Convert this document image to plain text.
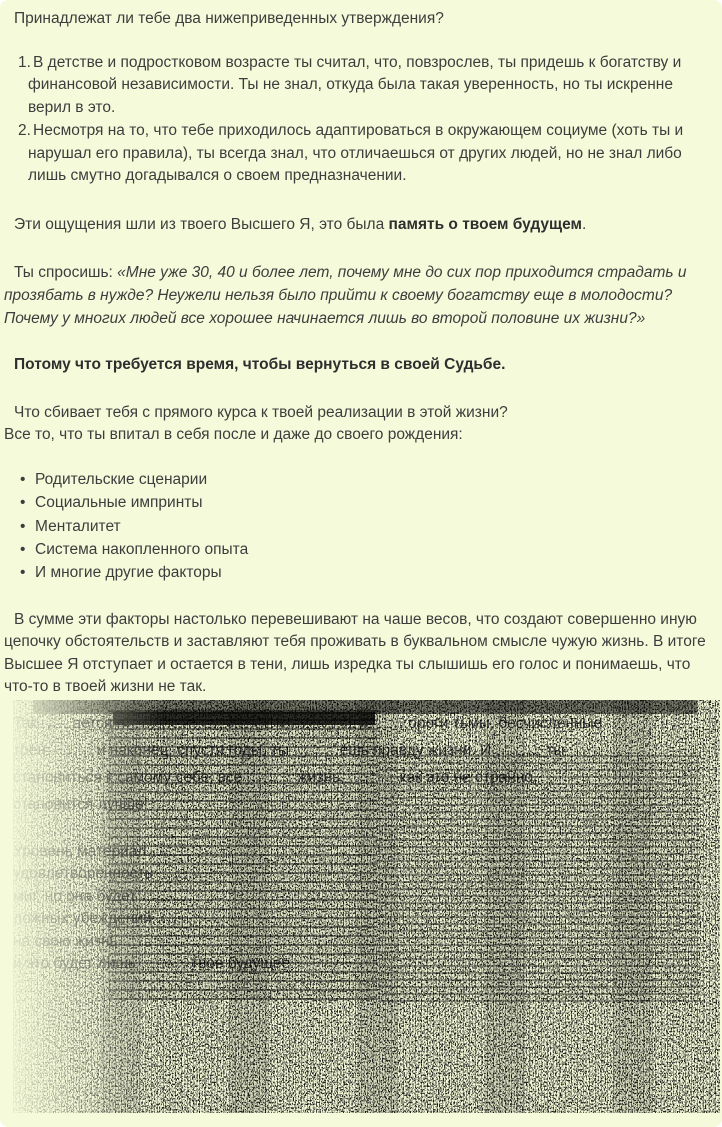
Принадлежат ли тебе два нижеприведенных утверждения?
1. В детстве и подростковом возрасте ты считал, что, повзрослев, ты придешь к богатству и финансовой независимости. Ты не знал, откуда была такая уверенность, но ты искренне верил в это.
2. Несмотря на то, что тебе приходилось адаптироваться в окружающем социуме (хоть ты и нарушал его правила), ты всегда знал, что отличаешься от других людей, но не знал либо лишь смутно догадывался о своем предназначении.
Эти ощущения шли из твоего Высшего Я, это была память о твоем будущем.
Ты спросишь: «Мне уже 30, 40 и более лет, почему мне до сих пор приходится страдать и прозябать в нужде? Неужели нельзя было прийти к своему богатству еще в молодости? Почему у многих людей все хорошее начинается лишь во второй половине их жизни?»
Потому что требуется время, чтобы вернуться в своей Судьбе.
Что сбивает тебя с прямого курса к твоей реализации в этой жизни?
Все то, что ты впитал в себя после и даже до своего рождения:
• Родительские сценарии
• Социальные импринты
• Менталитет
• Система накопленного опыта
• И многие другие факторы
В сумме эти факторы настолько перевешивают на чаше весов, что создают совершенно иную цепочку обстоятельств и заставляют тебя проживать в буквальном смысле чужую жизнь. В итоге Высшее Я отступает и остается в тени, лишь изредка ты слышишь его голос и понимаешь, что что-то в твоей жизни не так.
